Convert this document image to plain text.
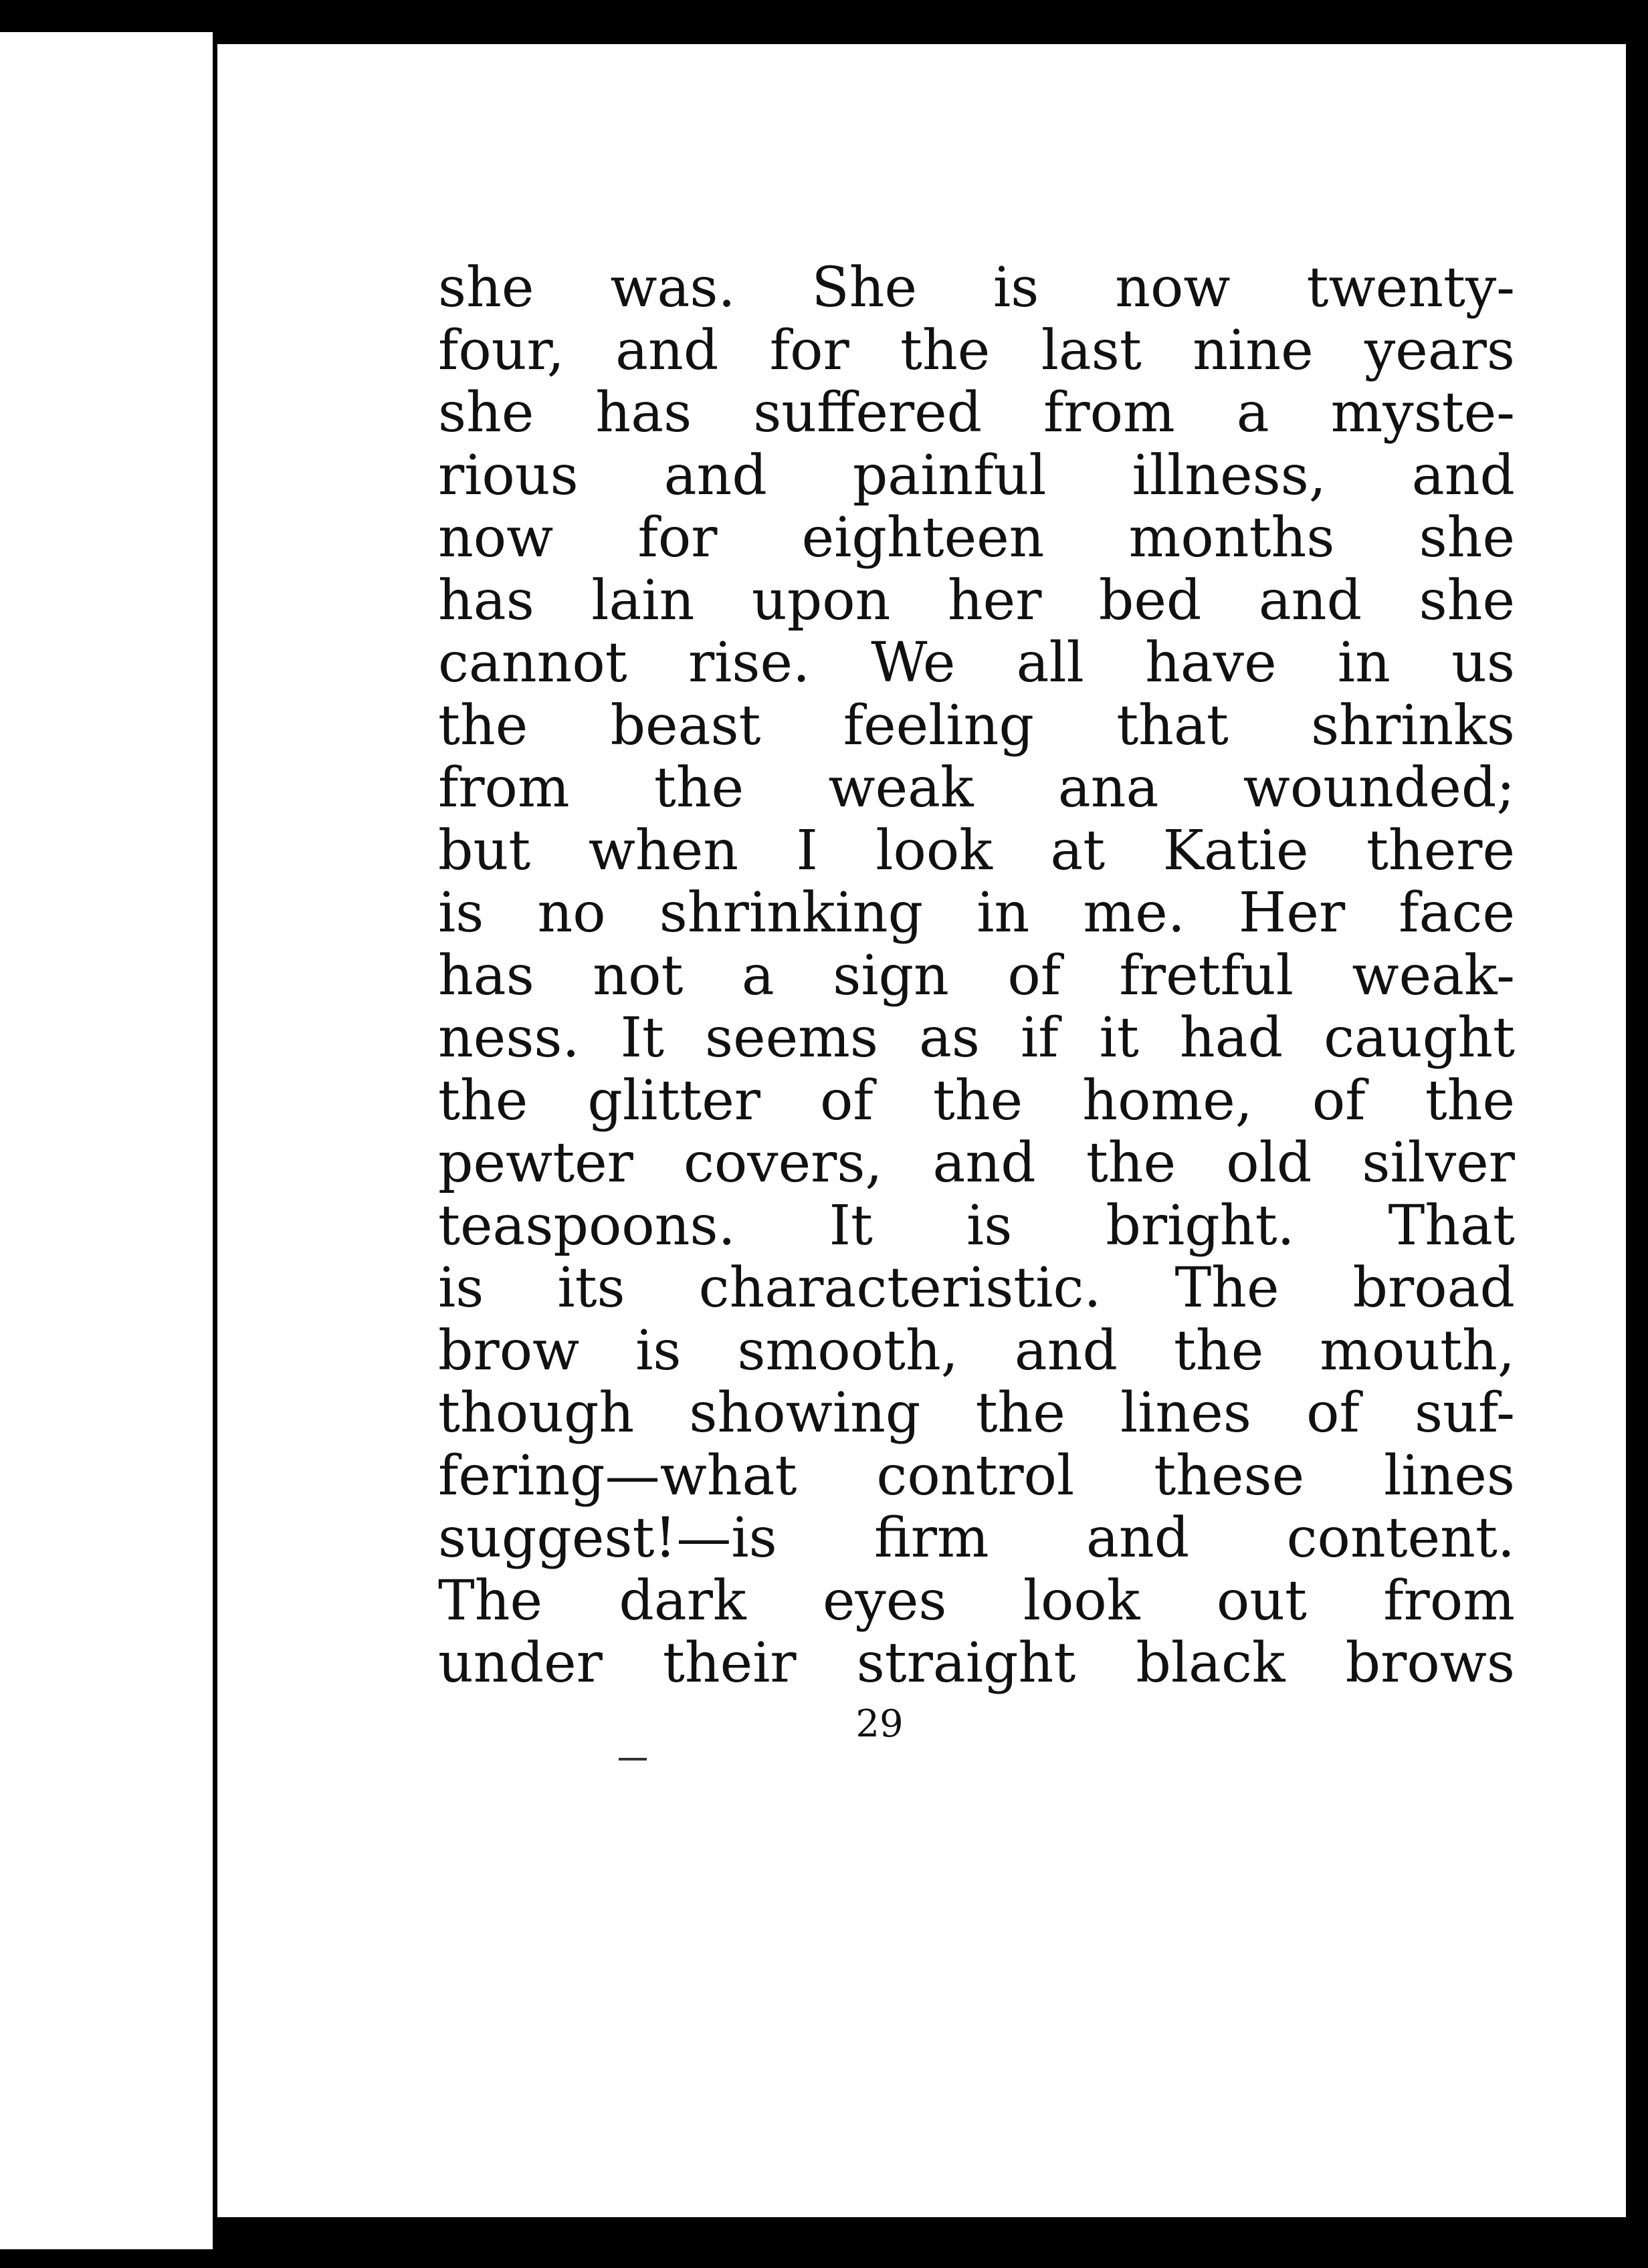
she was. She is now twenty-
four, and for the last nine years
she has suffered from a myste-
rious and painful illness, and
now for eighteen months she
has lain upon her bed and she
cannot rise. We all have in us
the beast feeling that shrinks
from the weak ana wounded;
but when I look at Katie there
is no shrinking in me. Her face
has not a sign of fretful weak-
ness. It seems as if it had caught
the glitter of the home, of the
pewter covers, and the old silver
teaspoons. It is bright. That
is its characteristic. The broad
brow is smooth, and the mouth,
though showing the lines of suf-
fering—what control these lines
suggest!—is firm and content.
The dark eyes look out from
under their straight black brows
29
